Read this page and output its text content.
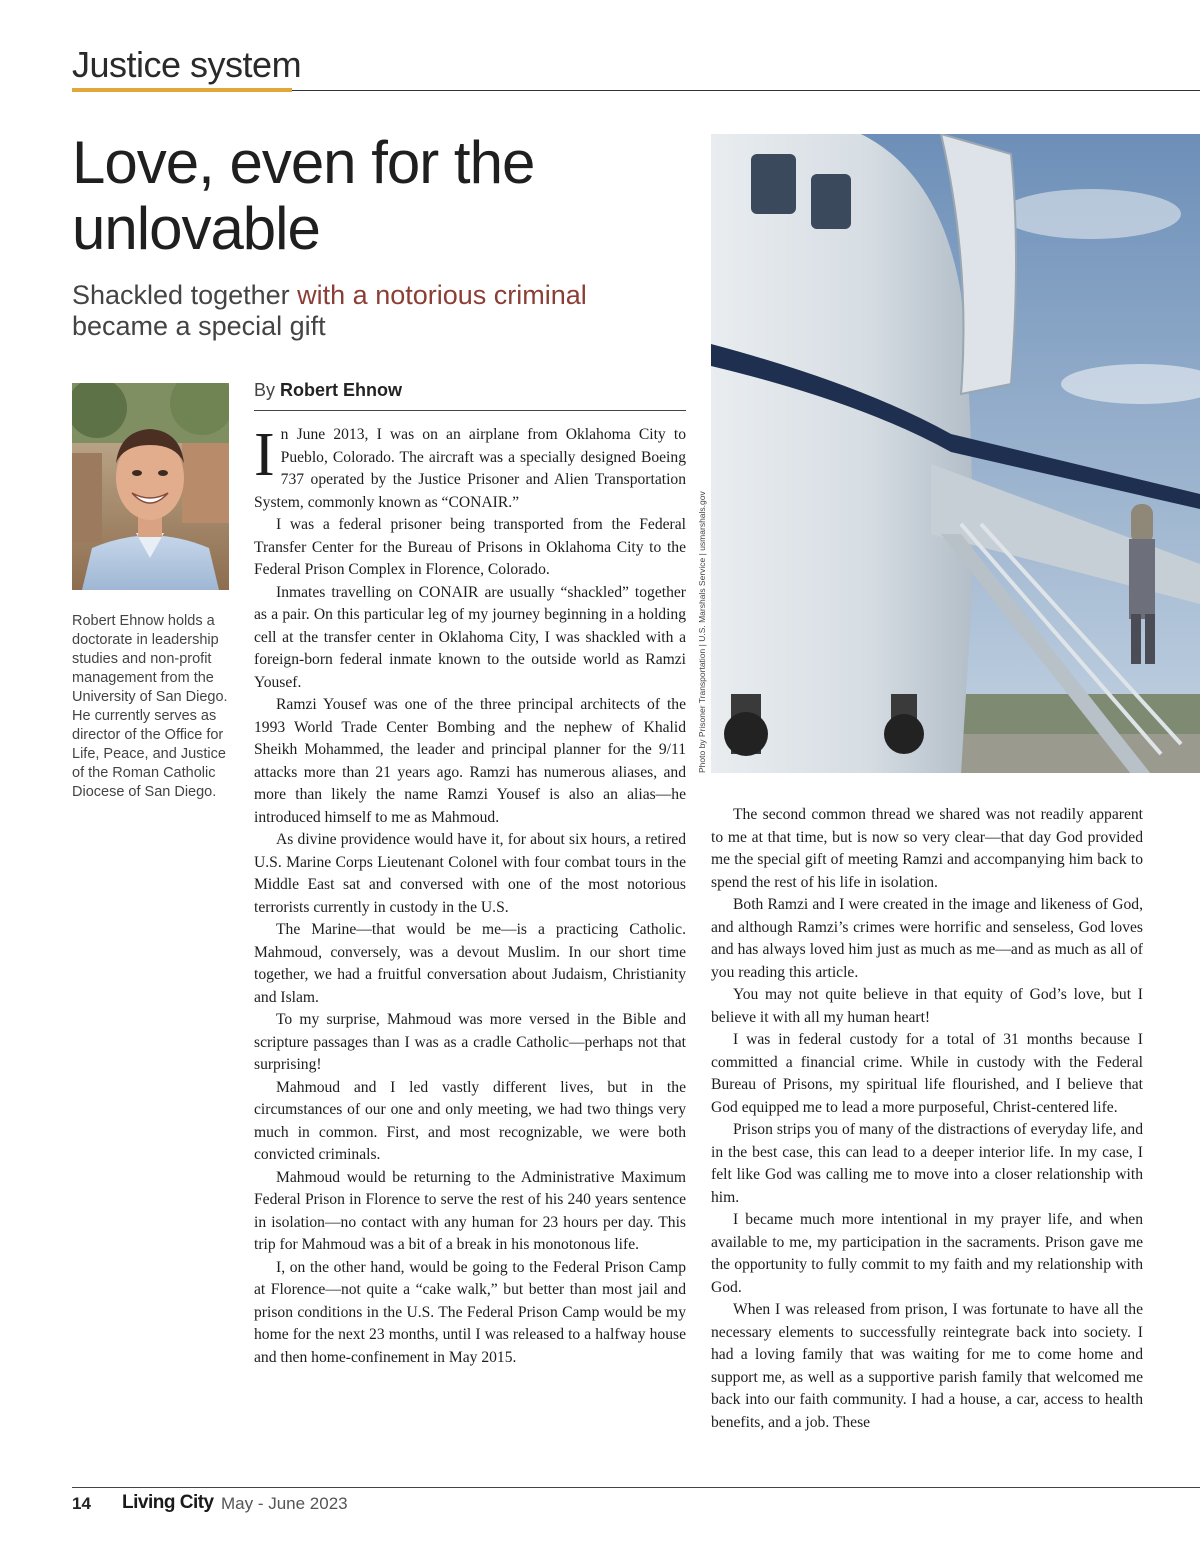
Justice system
Love, even for the unlovable
Shackled together with a notorious criminal became a special gift
Robert Ehnow holds a doctorate in leadership studies and non-profit management from the University of San Diego. He currently serves as director of the Office for Life, Peace, and Justice of the Roman Catholic Diocese of San Diego.
By Robert Ehnow

In June 2013, I was on an airplane from Oklahoma City to Pueblo, Colorado. The aircraft was a specially designed Boeing 737 operated by the Justice Prisoner and Alien Transportation System, commonly known as “CONAIR.”

I was a federal prisoner being transported from the Federal Transfer Center for the Bureau of Prisons in Oklahoma City to the Federal Prison Complex in Florence, Colorado.

Inmates travelling on CONAIR are usually “shackled” together as a pair. On this particular leg of my journey beginning in a holding cell at the transfer center in Oklahoma City, I was shackled with a foreign-born federal inmate known to the outside world as Ramzi Yousef.

Ramzi Yousef was one of the three principal architects of the 1993 World Trade Center Bombing and the nephew of Khalid Sheikh Mohammed, the leader and principal planner for the 9/11 attacks more than 21 years ago. Ramzi has numerous aliases, and more than likely the name Ramzi Yousef is also an alias—he introduced himself to me as Mahmoud.

As divine providence would have it, for about six hours, a retired U.S. Marine Corps Lieutenant Colonel with four combat tours in the Middle East sat and conversed with one of the most notorious terrorists currently in custody in the U.S.

The Marine—that would be me—is a practicing Catholic. Mahmoud, conversely, was a devout Muslim. In our short time together, we had a fruitful conversation about Judaism, Christianity and Islam.

To my surprise, Mahmoud was more versed in the Bible and scripture passages than I was as a cradle Catholic—perhaps not that surprising!

Mahmoud and I led vastly different lives, but in the circumstances of our one and only meeting, we had two things very much in common. First, and most recognizable, we were both convicted criminals.

Mahmoud would be returning to the Administrative Maximum Federal Prison in Florence to serve the rest of his 240 years sentence in isolation—no contact with any human for 23 hours per day. This trip for Mahmoud was a bit of a break in his monotonous life.

I, on the other hand, would be going to the Federal Prison Camp at Florence—not quite a “cake walk,” but better than most jail and prison conditions in the U.S. The Federal Prison Camp would be my home for the next 23 months, until I was released to a halfway house and then home-confinement in May 2015.

Photo by Prisoner Transportation | U.S. Marshals Service | usmarshals.gov

The second common thread we shared was not readily apparent to me at that time, but is now so very clear—that day God provided me the special gift of meeting Ramzi and accompanying him back to spend the rest of his life in isolation.

Both Ramzi and I were created in the image and likeness of God, and although Ramzi’s crimes were horrific and senseless, God loves and has always loved him just as much as me—and as much as all of you reading this article.

You may not quite believe in that equity of God’s love, but I believe it with all my human heart!

I was in federal custody for a total of 31 months because I committed a financial crime. While in custody with the Federal Bureau of Prisons, my spiritual life flourished, and I believe that God equipped me to lead a more purposeful, Christ-centered life.

Prison strips you of many of the distractions of everyday life, and in the best case, this can lead to a deeper interior life. In my case, I felt like God was calling me to move into a closer relationship with him.

I became much more intentional in my prayer life, and when available to me, my participation in the sacraments. Prison gave me the opportunity to fully commit to my faith and my relationship with God.

When I was released from prison, I was fortunate to have all the necessary elements to successfully reintegrate back into society. I had a loving family that was waiting for me to come home and support me, as well as a supportive parish family that welcomed me back into our faith community. I had a house, a car, access to health benefits, and a job. These

14 Living City May - June 2023
